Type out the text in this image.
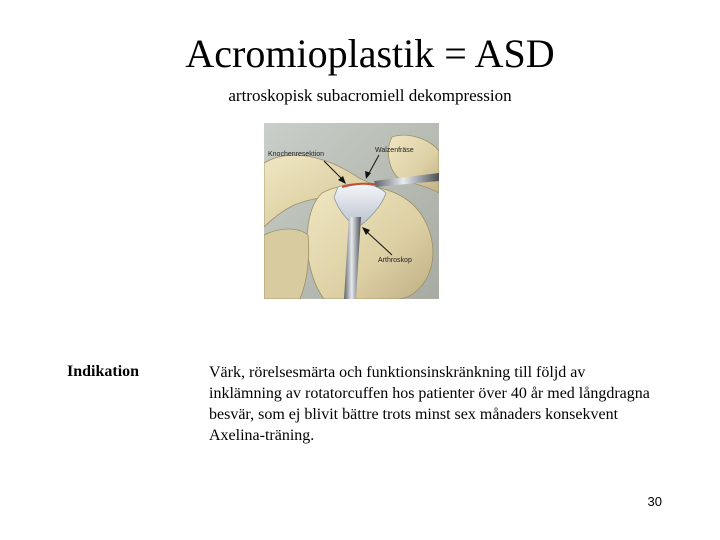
Acromioplastik = ASD
artroskopisk subacromiell dekompression
Knochenresektion
Walzenfräse
Arthroskop
Indikation	Värk, rörelsesmärta och funktionsinskränkning till följd av inklämning av rotatorcuffen hos patienter över 40 år med långdragna besvär, som ej blivit bättre trots minst sex månaders konsekvent Axelina-träning.
30
